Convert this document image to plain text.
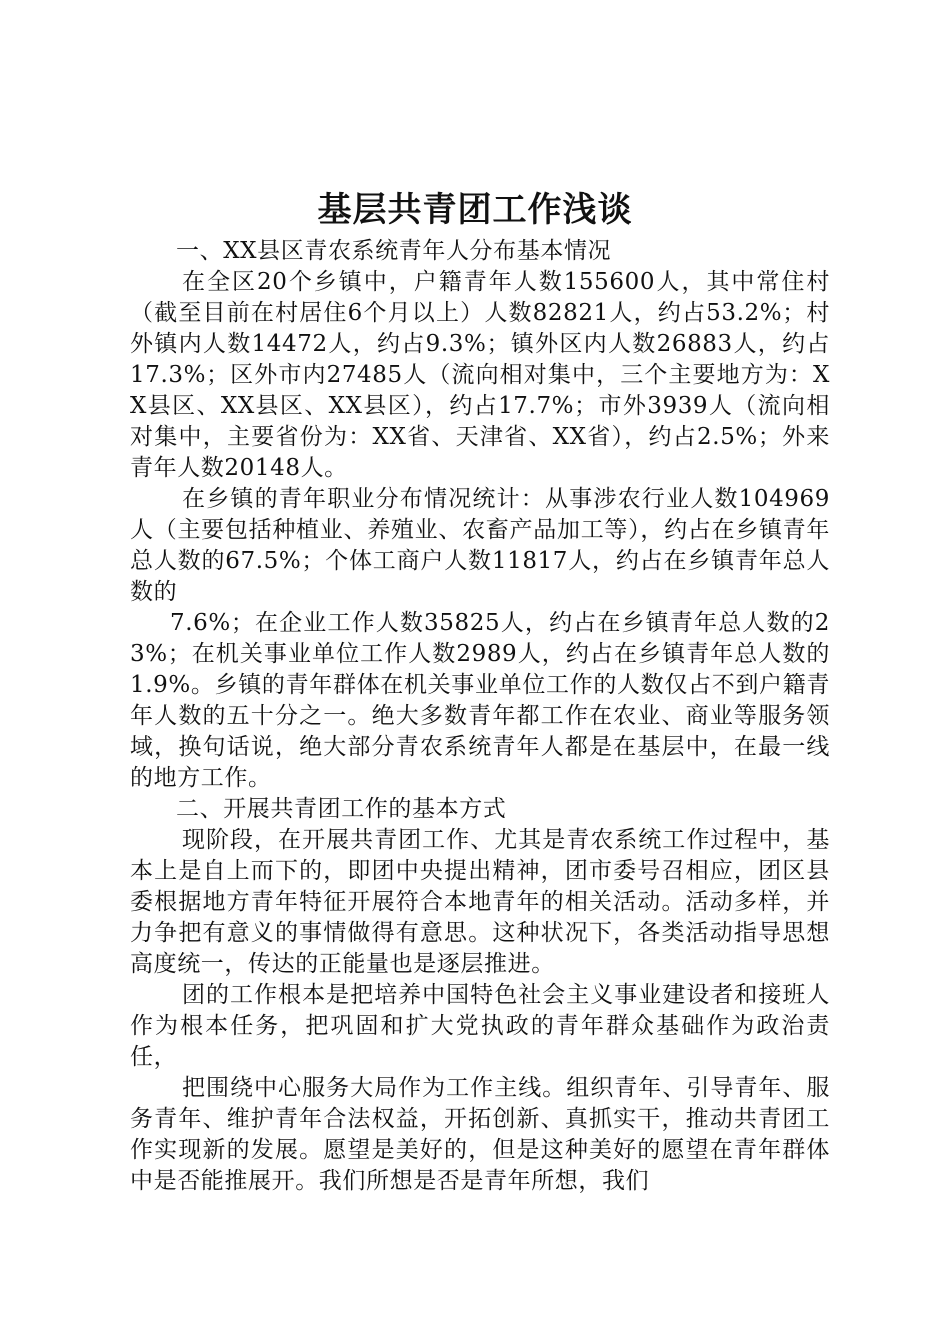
基层共青团工作浅谈

一、XX县区青农系统青年人分布基本情况

在全区20个乡镇中，户籍青年人数155600人，其中常住村（截至目前在村居住6个月以上）人数82821人，约占53.2%；村外镇内人数14472人，约占9.3%；镇外区内人数26883人，约占17.3%；区外市内27485人（流向相对集中，三个主要地方为：XX县区、XX县区、XX县区），约占17.7%；市外3939人（流向相对集中，主要省份为：XX省、天津省、XX省），约占2.5%；外来青年人数20148人。

在乡镇的青年职业分布情况统计：从事涉农行业人数104969人（主要包括种植业、养殖业、农畜产品加工等），约占在乡镇青年总人数的67.5%；个体工商户人数11817人，约占在乡镇青年总人数的

7.6%；在企业工作人数35825人，约占在乡镇青年总人数的23%；在机关事业单位工作人数2989人，约占在乡镇青年总人数的1.9%。乡镇的青年群体在机关事业单位工作的人数仅占不到户籍青年人数的五十分之一。绝大多数青年都工作在农业、商业等服务领域，换句话说，绝大部分青农系统青年人都是在基层中，在最一线的地方工作。

二、开展共青团工作的基本方式

现阶段，在开展共青团工作、尤其是青农系统工作过程中，基本上是自上而下的，即团中央提出精神，团市委号召相应，团区县委根据地方青年特征开展符合本地青年的相关活动。活动多样，并力争把有意义的事情做得有意思。这种状况下，各类活动指导思想高度统一，传达的正能量也是逐层推进。

团的工作根本是把培养中国特色社会主义事业建设者和接班人作为根本任务，把巩固和扩大党执政的青年群众基础作为政治责任，

把围绕中心服务大局作为工作主线。组织青年、引导青年、服务青年、维护青年合法权益，开拓创新、真抓实干，推动共青团工作实现新的发展。愿望是美好的，但是这种美好的愿望在青年群体中是否能推展开。我们所想是否是青年所想，我们
